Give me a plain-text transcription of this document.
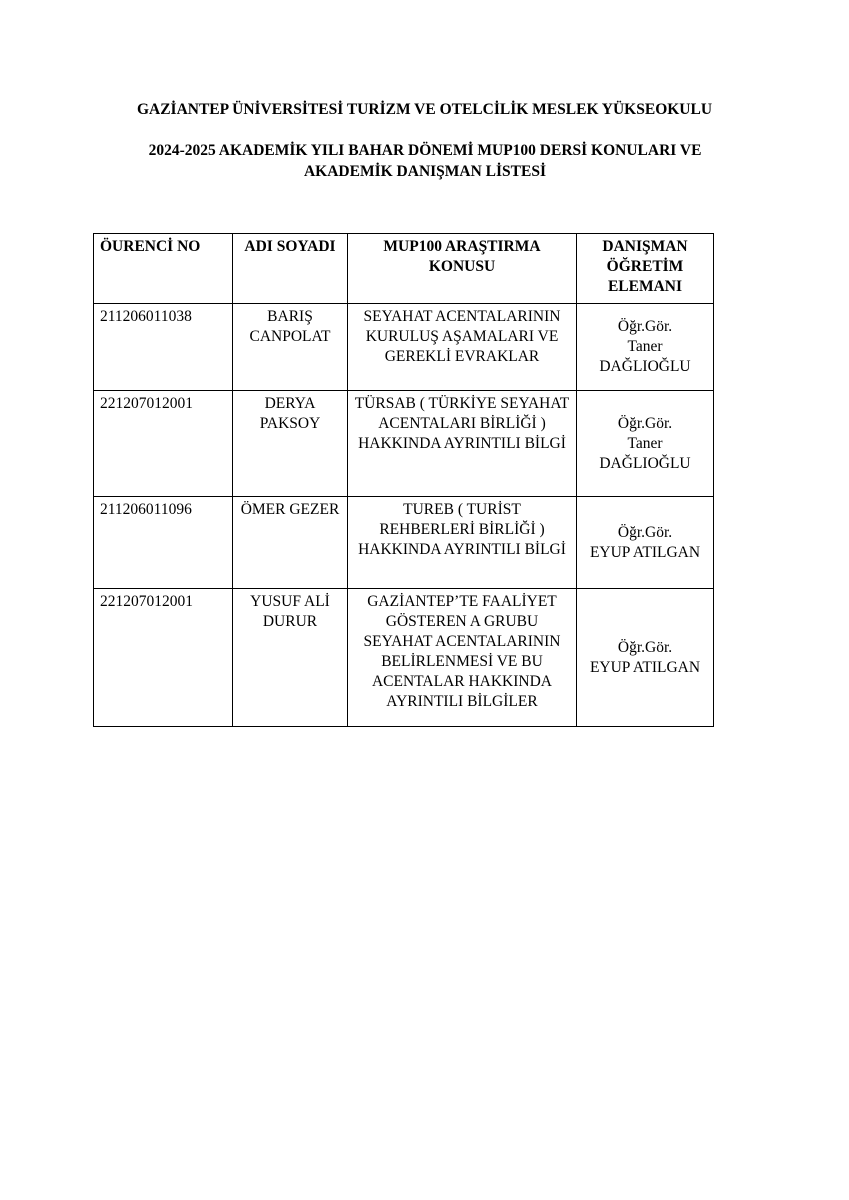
GAZİANTEP ÜNİVERSİTESİ TURİZM VE OTELCİLİK MESLEK YÜKSEOKULU
2024-2025 AKADEMİK YILI BAHAR DÖNEMİ MUP100 DERSİ KONULARI VE AKADEMİK DANIŞMAN LİSTESİ
ÖURENCİ NO	ADI SOYADI	MUP100 ARAŞTIRMA KONUSU	DANIŞMAN ÖĞRETİM ELEMANI
211206011038	BARIŞ CANPOLAT	SEYAHAT ACENTALARININ KURULUŞ AŞAMALARI VE GEREKLİ EVRAKLAR	Öğr.Gör.
Taner DAĞLIOĞLU

221207012001	DERYA PAKSOY	TÜRSAB ( TÜRKİYE SEYAHAT ACENTALARI BİRLİĞİ ) HAKKINDA AYRINTILI BİLGİ	Öğr.Gör.
Taner DAĞLIOĞLU

211206011096	ÖMER GEZER	TUREB ( TURİST REHBERLERİ BİRLİĞİ ) HAKKINDA AYRINTILI BİLGİ	Öğr.Gör.
EYUP ATILGAN

221207012001	YUSUF ALİ DURUR	GAZİANTEP’TE FAALİYET GÖSTEREN A GRUBU SEYAHAT ACENTALARININ BELİRLENMESİ VE BU ACENTALAR HAKKINDA AYRINTILI BİLGİLER	Öğr.Gör.
EYUP ATILGAN
